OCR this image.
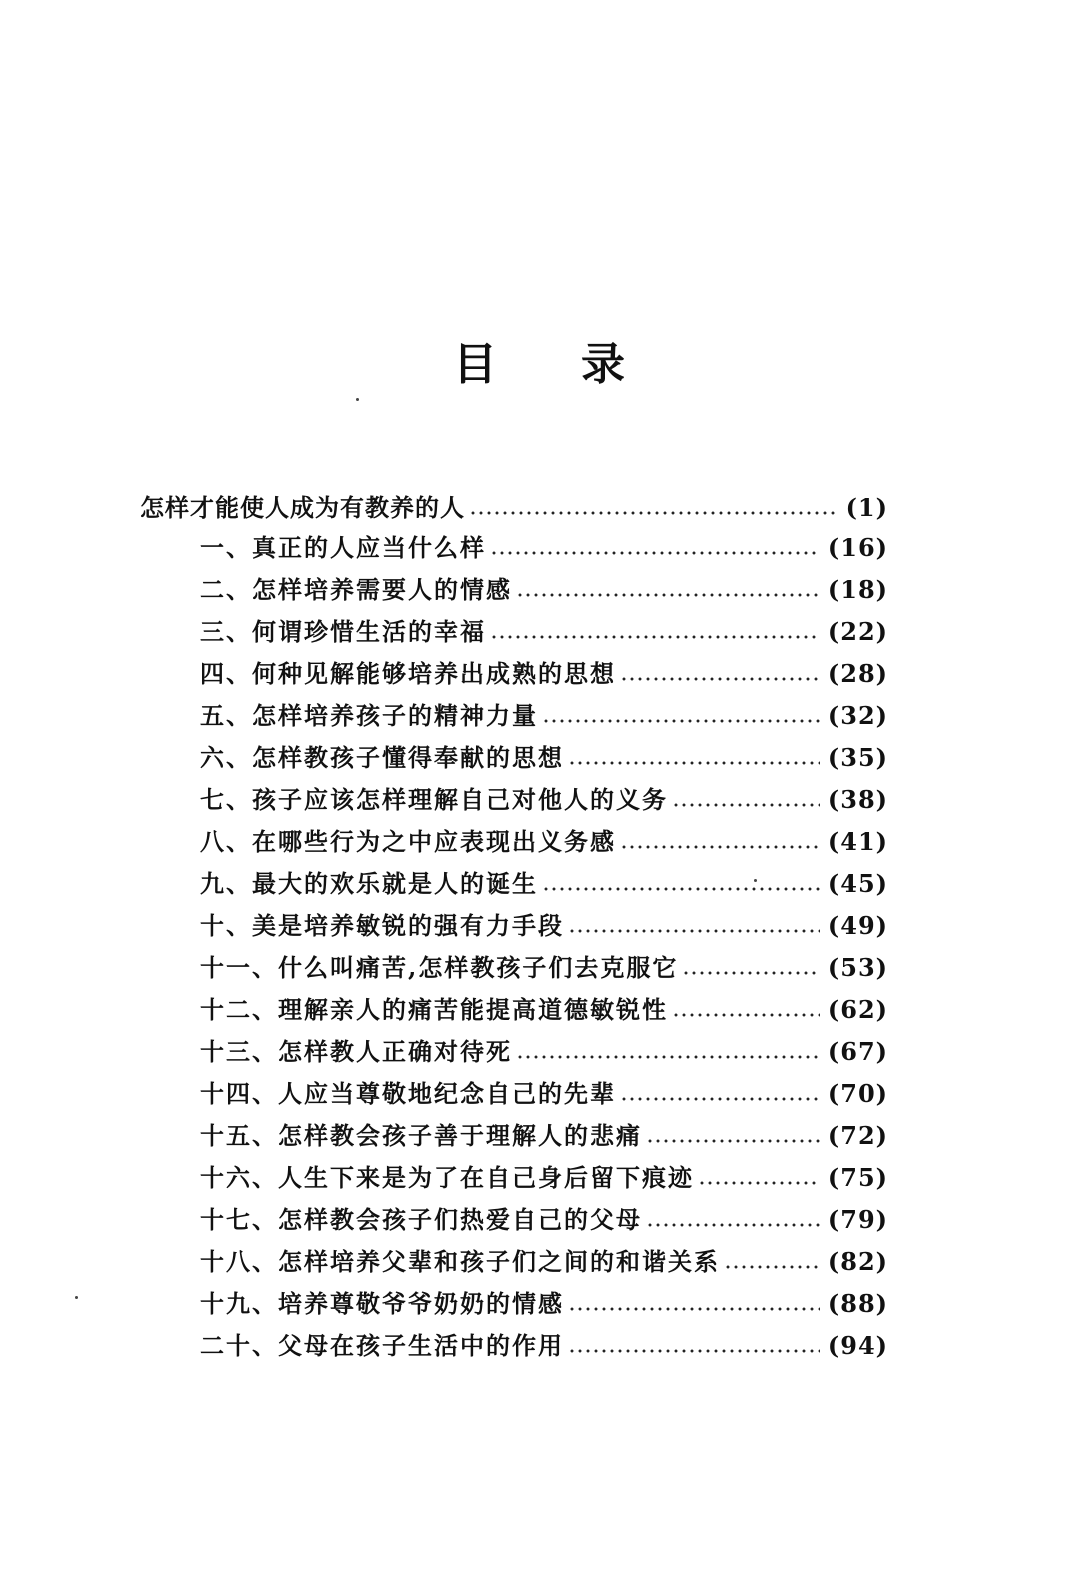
目 录
怎样才能使人成为有教养的人	(1)
一、真正的人应当什么样	(16)
二、怎样培养需要人的情感	(18)
三、何谓珍惜生活的幸福	(22)
四、何种见解能够培养出成熟的思想	(28)
五、怎样培养孩子的精神力量	(32)
六、怎样教孩子懂得奉献的思想	(35)
七、孩子应该怎样理解自己对他人的义务	(38)
八、在哪些行为之中应表现出义务感	(41)
九、最大的欢乐就是人的诞生	(45)
十、美是培养敏锐的强有力手段	(49)
十一、什么叫痛苦,怎样教孩子们去克服它	(53)
十二、理解亲人的痛苦能提高道德敏锐性	(62)
十三、怎样教人正确对待死	(67)
十四、人应当尊敬地纪念自己的先辈	(70)
十五、怎样教会孩子善于理解人的悲痛	(72)
十六、人生下来是为了在自己身后留下痕迹	(75)
十七、怎样教会孩子们热爱自己的父母	(79)
十八、怎样培养父辈和孩子们之间的和谐关系	(82)
十九、培养尊敬爷爷奶奶的情感	(88)
二十、父母在孩子生活中的作用	(94)
